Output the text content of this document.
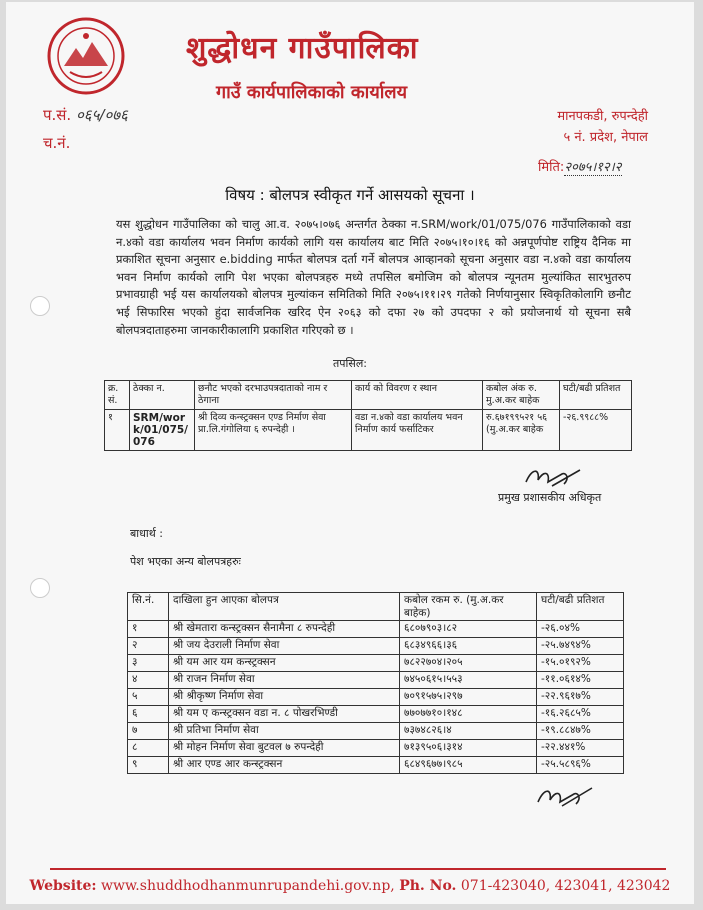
शुद्धोधन गाउँपालिका
गाउँ कार्यपालिकाको कार्यालय
प.सं. ०६५/०७६
च.नं.
मानपकडी, रुपन्देही
५ नं. प्रदेश, नेपाल
मिति:२०७५।१२।२
विषय : बोलपत्र स्वीकृत गर्ने आसयको सूचना ।
यस शुद्धोधन गाउँपालिका को चालु आ.व. २०७५।०७६ अन्तर्गत ठेक्का न.SRM/work/01/075/076 गाउँपालिकाको वडा न.४को वडा कार्यालय भवन निर्माण कार्यको लागि यस कार्यालय बाट मिति २०७५।१०।१६ को अन्नपूर्णपोष्ट राष्ट्रिय दैनिक मा प्रकाशित सूचना अनुसार e.bidding मार्फत बोलपत्र दर्ता गर्ने बोलपत्र आव्हानको सूचना अनुसार वडा न.४को वडा कार्यालय भवन निर्माण कार्यको लागि पेश भएका बोलपत्रहरु मध्ये तपसिल बमोजिम को बोलपत्र न्यूनतम मुल्यांकित सारभुतरुप प्रभावग्राही भई यस कार्यालयको बोलपत्र मुल्यांकन समितिको मिति २०७५।११।२९ गतेको निर्णयानुसार स्विकृतिकोलागि छनौट भई सिफारिस भएको हुंदा सार्वजनिक खरिद ऐन २०६३ को दफा २७ को उपदफा २ को प्रयोजनार्थ यो सूचना सबै बोलपत्रदाताहरुमा जानकारीकालागि प्रकाशित गरिएको छ ।
तपसिल:
क्र. सं.	ठेक्का न.	छनौट भएको दरभाउपत्रदाताको नाम र ठेगाना	कार्य को विवरण र स्थान	कबोल अंक रु. मु.अ.कर बाहेक	घटी/बढी प्रतिशत
१	SRM/work/01/075/076	श्री दिव्य कन्स्ट्रक्सन एण्ड निर्माण सेवा प्रा.लि.गंगोलिया ६ रुपन्देही ।	वडा न.४को वडा कार्यालय भवन निर्माण कार्य फर्साटिकर	रु.६७१९९५२१ ५६ (मु.अ.कर बाहेक	-२६.९९८८%
प्रमुख प्रशासकीय अधिकृत
बाधार्थ :
पेश भएका अन्य बोलपत्रहरुः
सि.नं.	दाखिला हुन आएका बोलपत्र	कबोल रकम रु. (मु.अ.कर बाहेक)	घटी/बढी प्रतिशत
१	श्री खेमतारा कन्स्ट्रक्सन सैनामैना ८ रुपन्देही	६८०७९०३।८२	-२६.०४%
२	श्री जय देउराली निर्माण सेवा	६८३४९६६।३६	-२५.७४९४%
३	श्री यम आर यम कन्स्ट्रक्सन	७८२२७०४।२०५	-१५.०१९२%
४	श्री राजन निर्माण सेवा	७४५०६१५।५५३	-११.०६१४%
५	श्री श्रीकृष्ण निर्माण सेवा	७०९१५७५।२९७	-२२.९६१७%
६	श्री यम ए कन्स्ट्रक्सन वडा न. ८ पोखरभिण्डी	७७०७७१०।१४८	-१६.२६८५%
७	श्री प्रतिभा निर्माण सेवा	७३७४८२६।४	-१९.८८४७%
८	श्री मोहन निर्माण सेवा बुटवल ७ रुपन्देही	७१३९५०६।३१४	-२२.४४१%
९	श्री आर एण्ड आर कन्स्ट्रक्सन	६८४९६७७।९८५	-२५.५८९६%
Website: www.shuddhodhanmunrupandehi.gov.np, Ph. No. 071-423040, 423041, 423042
